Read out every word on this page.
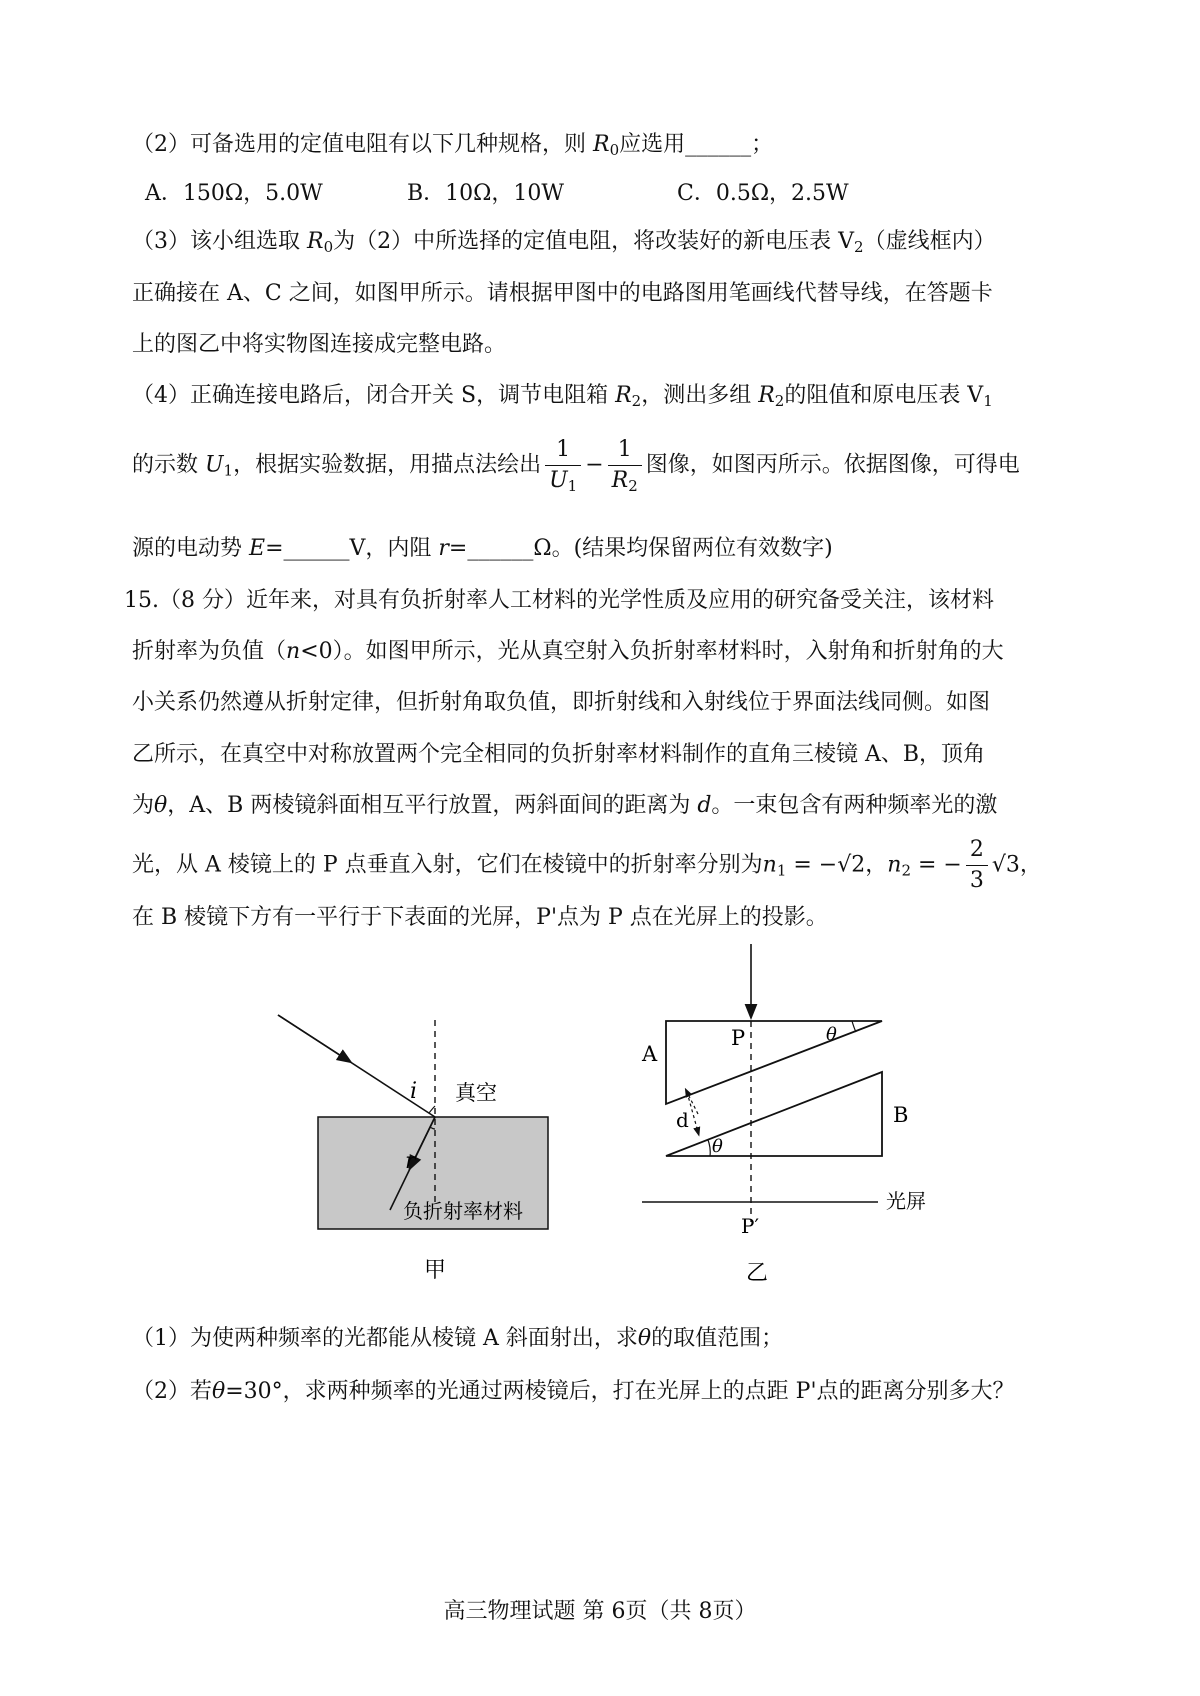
（2）可备选用的定值电阻有以下几种规格，则 $R_0$应选用______；
A．150Ω，5.0W	B．10Ω，10W	C．0.5Ω，2.5W
（3）该小组选取 $R_0$为（2）中所选择的定值电阻，将改装好的新电压表 $V_2$（虚线框内）
正确接在 A、C 之间，如图甲所示。请根据甲图中的电路图用笔画线代替导线，在答题卡
上的图乙中将实物图连接成完整电路。
（4）正确连接电路后，闭合开关 S，调节电阻箱 $R_2$，测出多组 $R_2$的阻值和原电压表 $V_1$
的示数 $U_1$，根据实验数据，用描点法绘出 $\frac{1}{U_1} - \frac{1}{R_2}$ 图像，如图丙所示。依据图像，可得电
源的电动势 E=______V，内阻 r=______Ω。(结果均保留两位有效数字)
15.（8 分）近年来，对具有负折射率人工材料的光学性质及应用的研究备受关注，该材料
折射率为负值（n<0）。如图甲所示，光从真空射入负折射率材料时，入射角和折射角的大
小关系仍然遵从折射定律，但折射角取负值，即折射线和入射线位于界面法线同侧。如图
乙所示，在真空中对称放置两个完全相同的负折射率材料制作的直角三棱镜 A、B，顶角
为θ，A、B 两棱镜斜面相互平行放置，两斜面间的距离为 d。一束包含有两种频率光的激
光，从 A 棱镜上的 P 点垂直入射，它们在棱镜中的折射率分别为$n_1 = -√2$，$n_2$ = − $\frac{2}{3} √3$，
在 B 棱镜下方有一平行于下表面的光屏，P'点为 P 点在光屏上的投影。
i 真空
r
负折射率材料
甲
P	θ
A
B
d
θ
光屏
P′
乙
（1）为使两种频率的光都能从棱镜 A 斜面射出，求θ的取值范围；
（2）若θ=30°，求两种频率的光通过两棱镜后，打在光屏上的点距 P'点的距离分别多大？
高三物理试题 第 6页（共 8页）
